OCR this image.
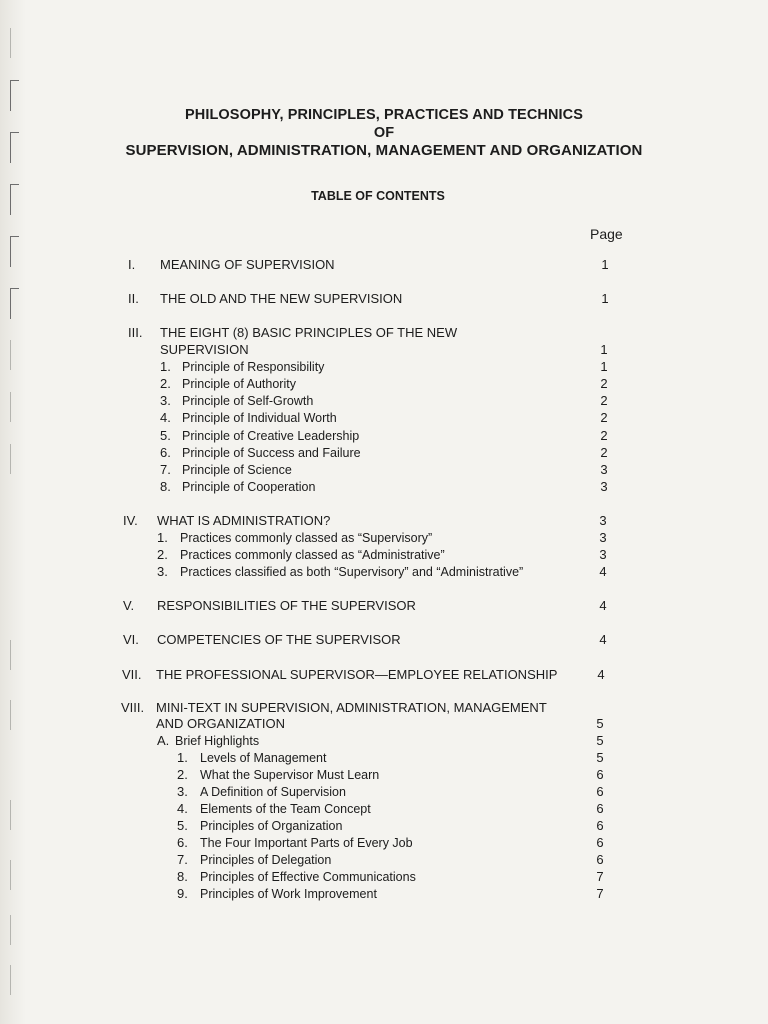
PHILOSOPHY, PRINCIPLES, PRACTICES AND TECHNICS
OF
SUPERVISION, ADMINISTRATION, MANAGEMENT AND ORGANIZATION
TABLE OF CONTENTS
Page
I. MEANING OF SUPERVISION	1
II. THE OLD AND THE NEW SUPERVISION	1
III. THE EIGHT (8) BASIC PRINCIPLES OF THE NEW
SUPERVISION	1
1. Principle of Responsibility	1
2. Principle of Authority	2
3. Principle of Self-Growth	2
4. Principle of Individual Worth	2
5. Principle of Creative Leadership	2
6. Principle of Success and Failure	2
7. Principle of Science	3
8. Principle of Cooperation	3
IV. WHAT IS ADMINISTRATION?	3
1. Practices commonly classed as “Supervisory”	3
2. Practices commonly classed as “Administrative”	3
3. Practices classified as both “Supervisory” and “Administrative”	4
V. RESPONSIBILITIES OF THE SUPERVISOR	4
VI. COMPETENCIES OF THE SUPERVISOR	4
VII. THE PROFESSIONAL SUPERVISOR—EMPLOYEE RELATIONSHIP	4
VIII. MINI-TEXT IN SUPERVISION, ADMINISTRATION, MANAGEMENT
AND ORGANIZATION	5
A. Brief Highlights	5
1. Levels of Management	5
2. What the Supervisor Must Learn	6
3. A Definition of Supervision	6
4. Elements of the Team Concept	6
5. Principles of Organization	6
6. The Four Important Parts of Every Job	6
7. Principles of Delegation	6
8. Principles of Effective Communications	7
9. Principles of Work Improvement	7
